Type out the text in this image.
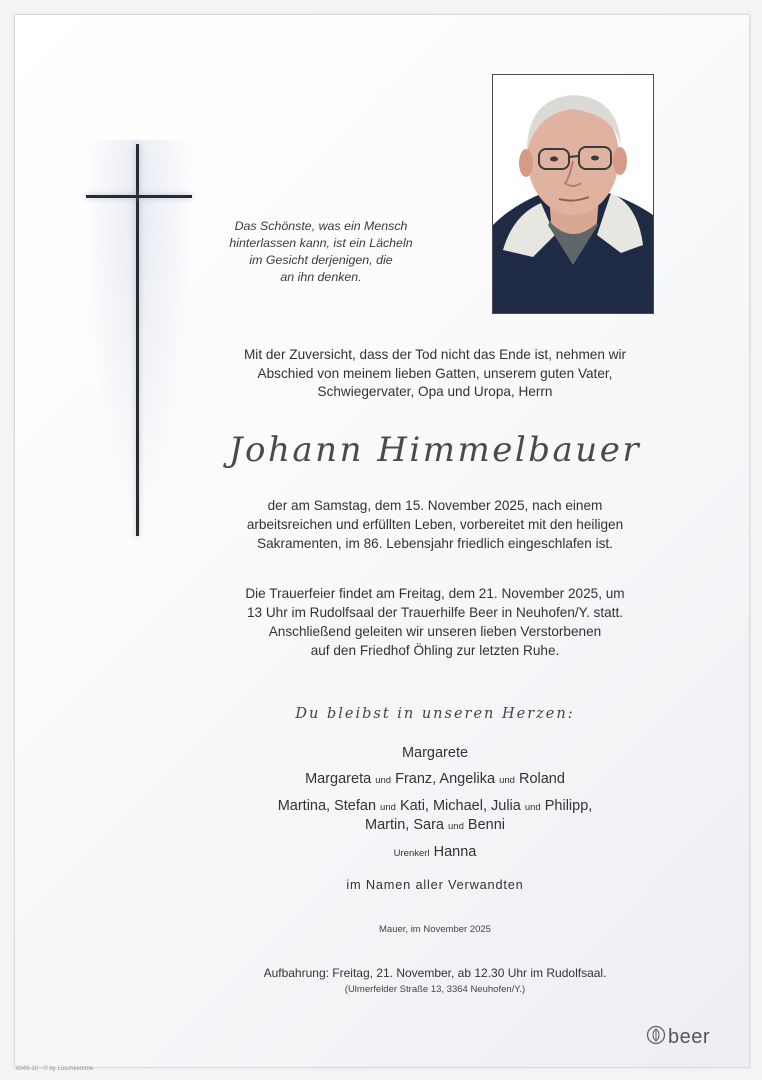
Das Schönste, was ein Mensch
hinterlassen kann, ist ein Lächeln
im Gesicht derjenigen, die
an ihn denken.
Mit der Zuversicht, dass der Tod nicht das Ende ist, nehmen wir
Abschied von meinem lieben Gatten, unserem guten Vater,
Schwiegervater, Opa und Uropa, Herrn
Johann Himmelbauer
der am Samstag, dem 15. November 2025, nach einem
arbeitsreichen und erfüllten Leben, vorbereitet mit den heiligen
Sakramenten, im 86. Lebensjahr friedlich eingeschlafen ist.
Die Trauerfeier findet am Freitag, dem 21. November 2025, um
13 Uhr im Rudolfsaal der Trauerhilfe Beer in Neuhofen/Y. statt.
Anschließend geleiten wir unseren lieben Verstorbenen
auf den Friedhof Öhling zur letzten Ruhe.
Du bleibst in unseren Herzen:
Margarete
Margareta und Franz, Angelika und Roland
Martina, Stefan und Kati, Michael, Julia und Philipp,
Martin, Sara und Benni
Urenkerl Hanna
im Namen aller Verwandten
Mauer, im November 2025
Aufbahrung: Freitag, 21. November, ab 12.30 Uhr im Rudolfsaal.
(Ulmerfelder Straße 13, 3364 Neuhofen/Y.)
beer
6049-10 · © by Lüschkemme
